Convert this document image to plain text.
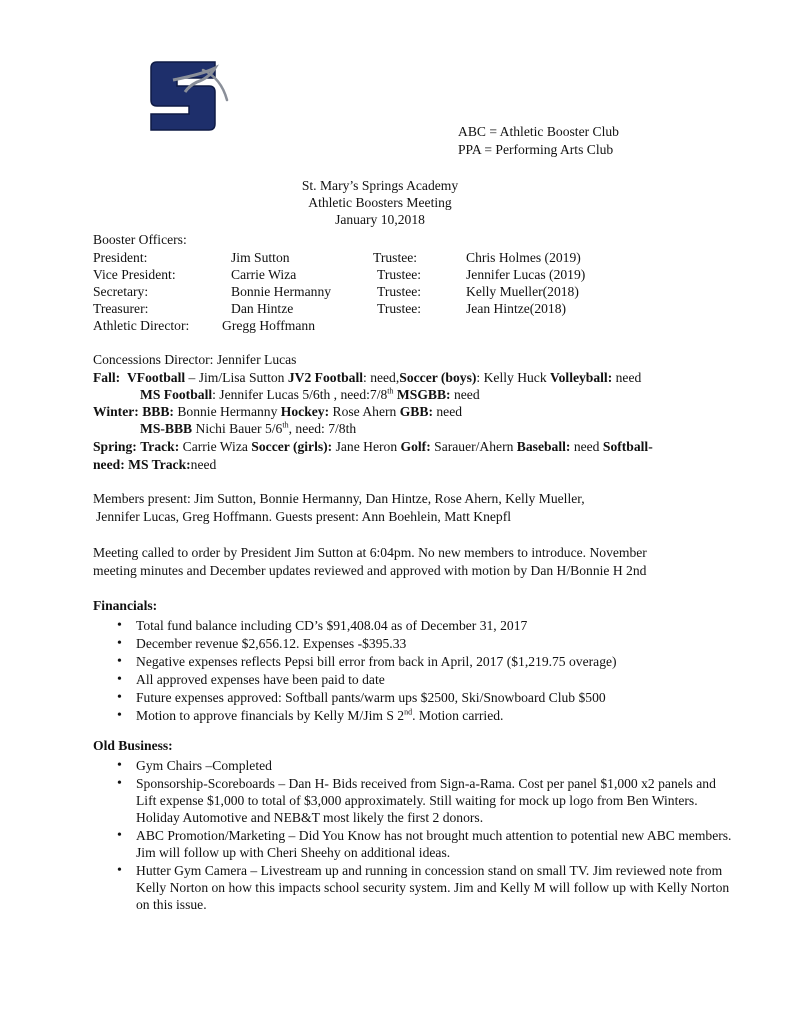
ABC = Athletic Booster Club
PPA = Performing Arts Club
St. Mary’s Springs Academy
Athletic Boosters Meeting
January 10,2018
Booster Officers:
President:	Jim Sutton	Trustee:	Chris Holmes (2019)
Vice President:	Carrie Wiza	Trustee:	Jennifer Lucas (2019)
Secretary:	Bonnie Hermanny	Trustee:	Kelly Mueller(2018)
Treasurer:	Dan Hintze	Trustee:	Jean Hintze(2018)
Athletic Director: Gregg Hoffmann
Concessions Director: Jennifer Lucas
Fall: VFootball – Jim/Lisa Sutton JV2 Football: need,Soccer (boys): Kelly Huck Volleyball: need
MS Football: Jennifer Lucas 5/6th , need:7/8th MSGBB: need
Winter: BBB: Bonnie Hermanny Hockey: Rose Ahern GBB: need
MS-BBB Nichi Bauer 5/6th, need: 7/8th
Spring: Track: Carrie Wiza Soccer (girls): Jane Heron Golf: Sarauer/Ahern Baseball: need Softball-
need: MS Track:need
Members present: Jim Sutton, Bonnie Hermanny, Dan Hintze, Rose Ahern, Kelly Mueller,
Jennifer Lucas, Greg Hoffmann. Guests present: Ann Boehlein, Matt Knepfl
Meeting called to order by President Jim Sutton at 6:04pm. No new members to introduce. November
meeting minutes and December updates reviewed and approved with motion by Dan H/Bonnie H 2nd
Financials:
• Total fund balance including CD’s $91,408.04 as of December 31, 2017
• December revenue $2,656.12. Expenses -$395.33
• Negative expenses reflects Pepsi bill error from back in April, 2017 ($1,219.75 overage)
• All approved expenses have been paid to date
• Future expenses approved: Softball pants/warm ups $2500, Ski/Snowboard Club $500
• Motion to approve financials by Kelly M/Jim S 2nd. Motion carried.
Old Business:
• Gym Chairs –Completed
• Sponsorship-Scoreboards – Dan H- Bids received from Sign-a-Rama. Cost per panel $1,000 x2 panels and Lift expense $1,000 to total of $3,000 approximately. Still waiting for mock up logo from Ben Winters. Holiday Automotive and NEB&T most likely the first 2 donors.
• ABC Promotion/Marketing – Did You Know has not brought much attention to potential new ABC members. Jim will follow up with Cheri Sheehy on additional ideas.
• Hutter Gym Camera – Livestream up and running in concession stand on small TV. Jim reviewed note from Kelly Norton on how this impacts school security system. Jim and Kelly M will follow up with Kelly Norton on this issue.
